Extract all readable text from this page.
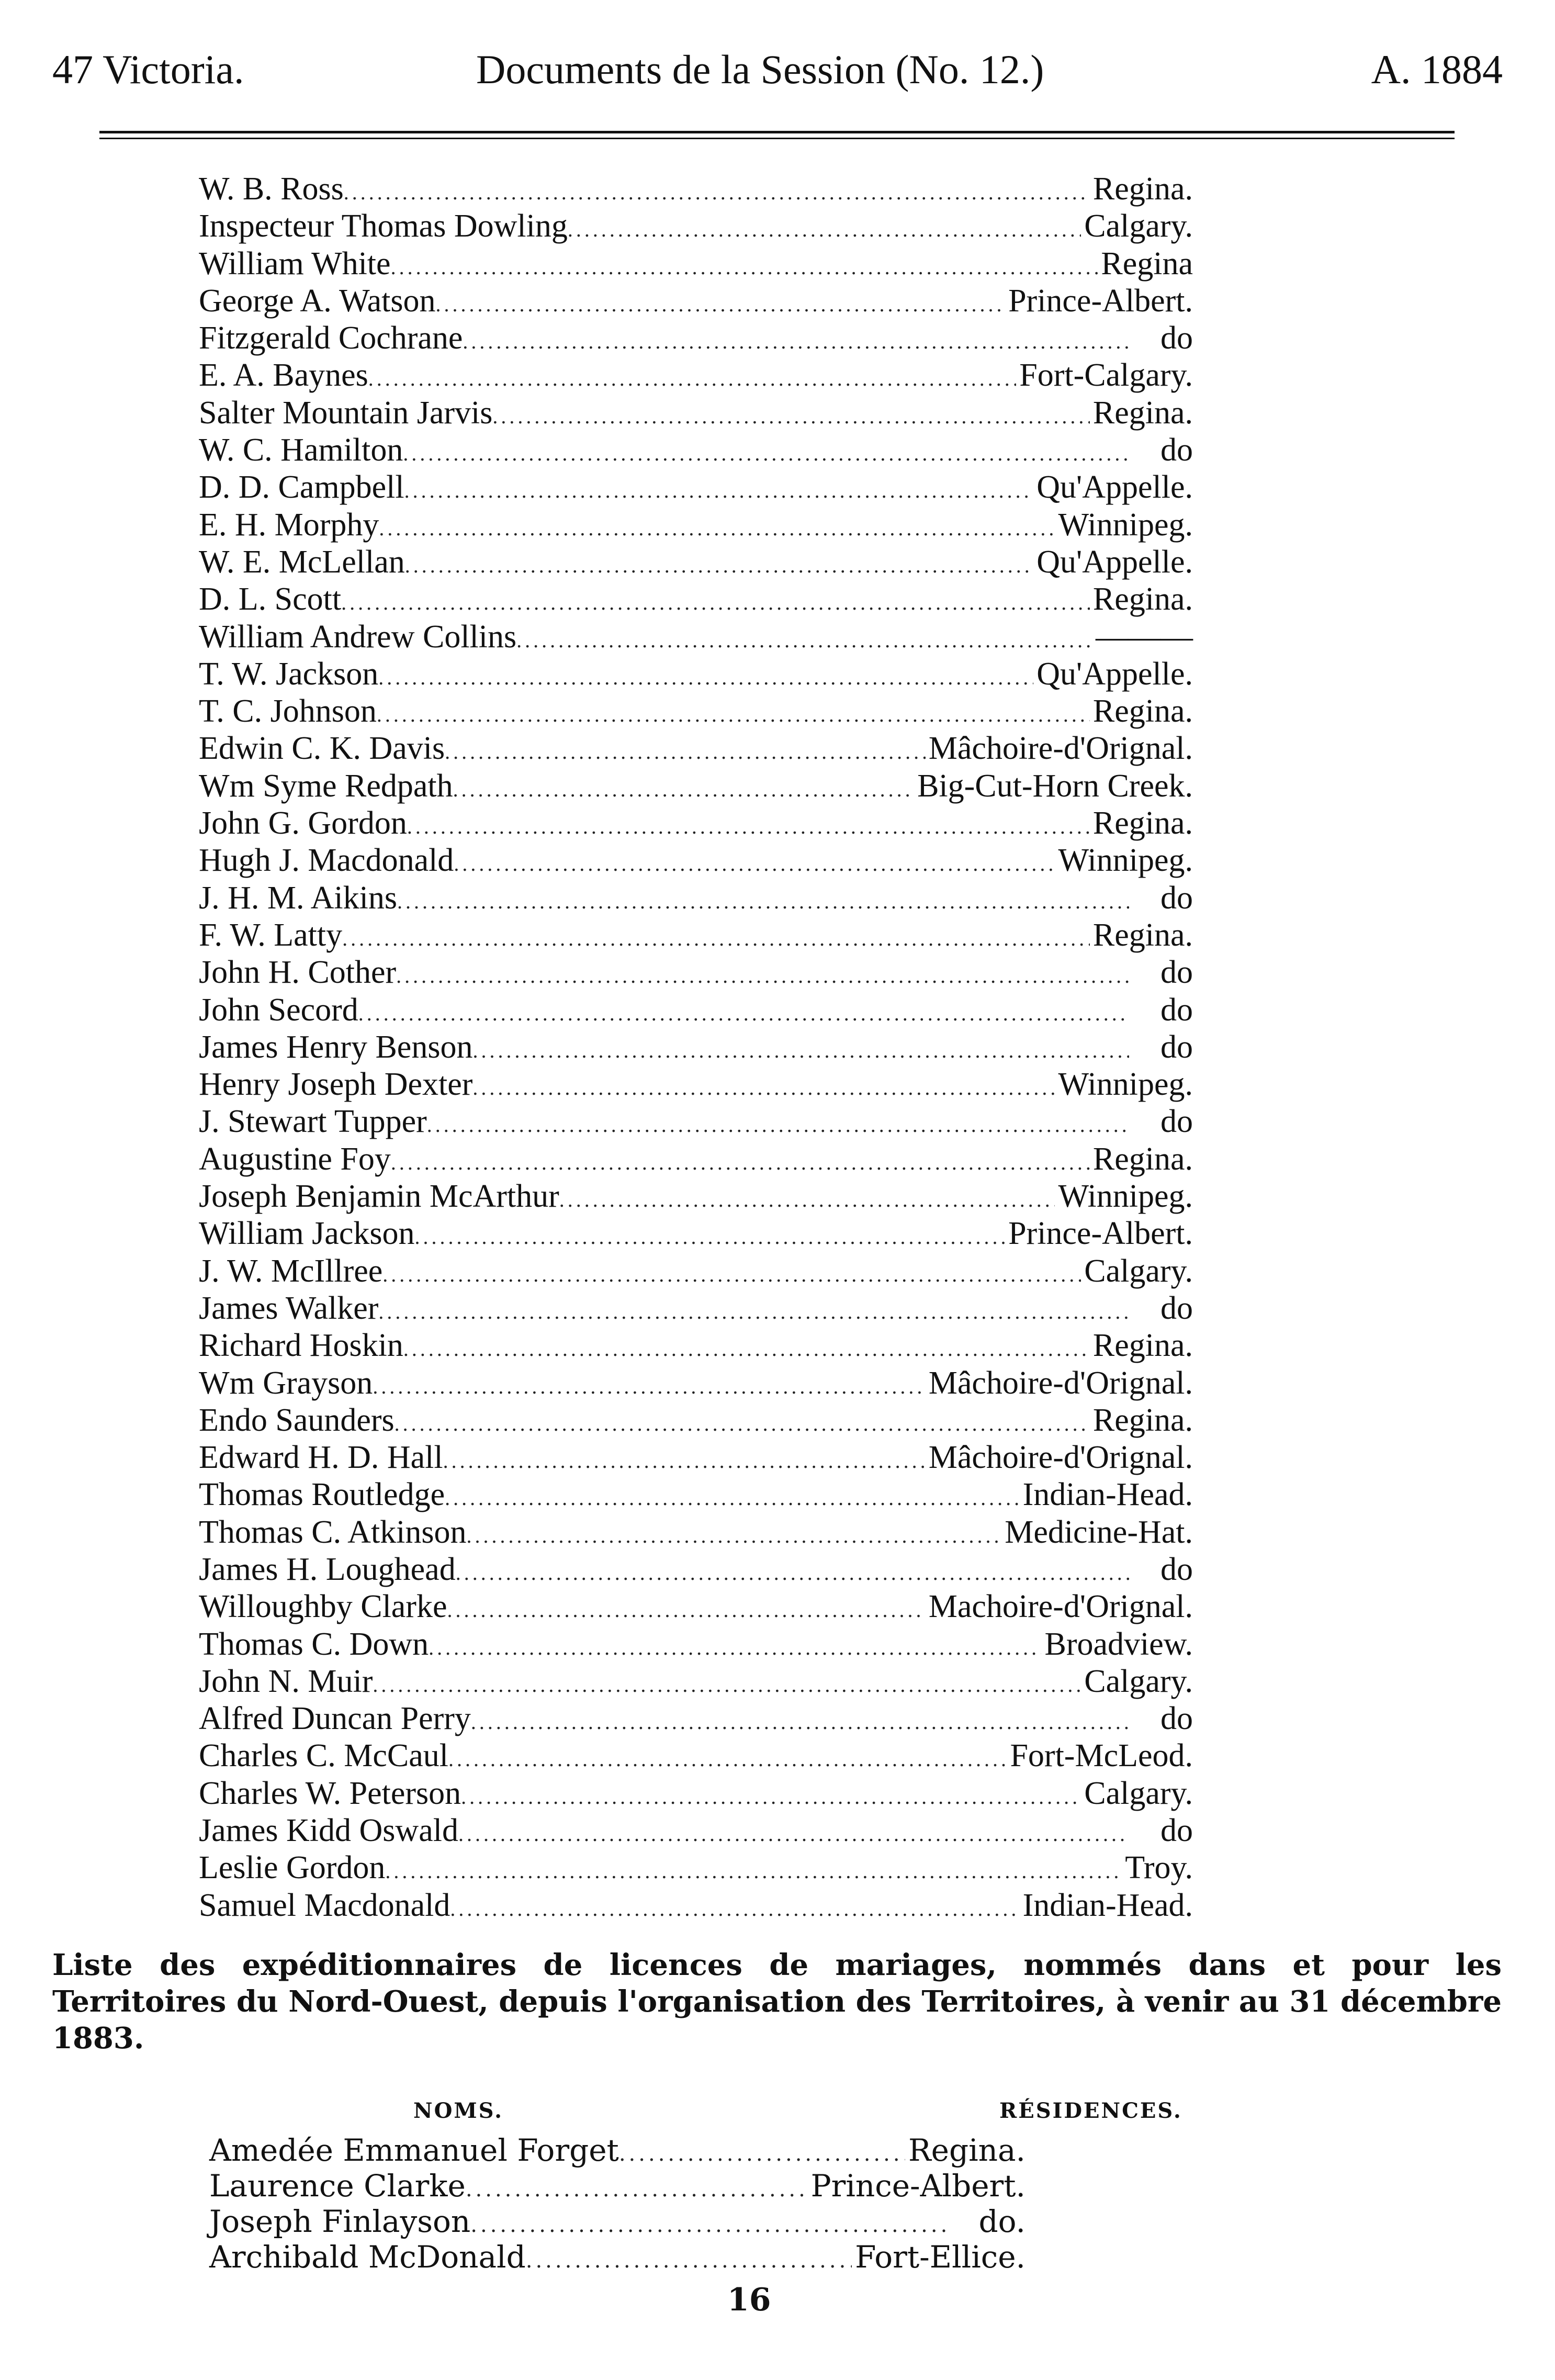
47 Victoria.	Documents de la Session (No. 12.)	A. 1884
W. B. Ross .....	Regina.
Inspecteur Thomas Dowling .....	Calgary.
William White .....	Regina
George A. Watson .....	Prince-Albert.
Fitzgerald Cochrane .....	do
E. A. Baynes .....	Fort-Calgary.
Salter Mountain Jarvis .....	Regina.
W. C. Hamilton .....	do
D. D. Campbell .....	Qu'Appelle.
E. H. Morphy .....	Winnipeg.
W. E. McLellan .....	Qu'Appelle.
D. L. Scott .....	Regina.
William Andrew Collins .....	———
T. W. Jackson .....	Qu'Appelle.
T. C. Johnson .....	Regina.
Edwin C. K. Davis .....	Mâchoire-d'Orignal.
Wm Syme Redpath .....	Big-Cut-Horn Creek.
John G. Gordon .....	Regina.
Hugh J. Macdonald .....	Winnipeg.
J. H. M. Aikins .....	do
F. W. Latty .....	Regina.
John H. Cother .....	do
John Secord .....	do
James Henry Benson .....	do
Henry Joseph Dexter .....	Winnipeg.
J. Stewart Tupper .....	do
Augustine Foy .....	Regina.
Joseph Benjamin McArthur .....	Winnipeg.
William Jackson .....	Prince-Albert.
J. W. McIllree .....	Calgary.
James Walker .....	do
Richard Hoskin .....	Regina.
Wm Grayson .....	Mâchoire-d'Orignal.
Endo Saunders .....	Regina.
Edward H. D. Hall .....	Mâchoire-d'Orignal.
Thomas Routledge .....	Indian-Head.
Thomas C. Atkinson .....	Medicine-Hat.
James H. Loughead .....	do
Willoughby Clarke .....	Machoire-d'Orignal.
Thomas C. Down .....	Broadview.
John N. Muir .....	Calgary.
Alfred Duncan Perry .....	do
Charles C. McCaul .....	Fort-McLeod.
Charles W. Peterson .....	Calgary.
James Kidd Oswald .....	do
Leslie Gordon .....	Troy.
Samuel Macdonald .....	Indian-Head.
Liste des expéditionnaires de licences de mariages, nommés dans et pour les Territoires du Nord-Ouest, depuis l'organisation des Territoires, à venir au 31 décembre 1883.
NOMS.	RÉSIDENCES.
Amedée Emmanuel Forget .....	Regina.
Laurence Clarke .....	Prince-Albert.
Joseph Finlayson .....	do.
Archibald McDonald .....	Fort-Ellice.
16
